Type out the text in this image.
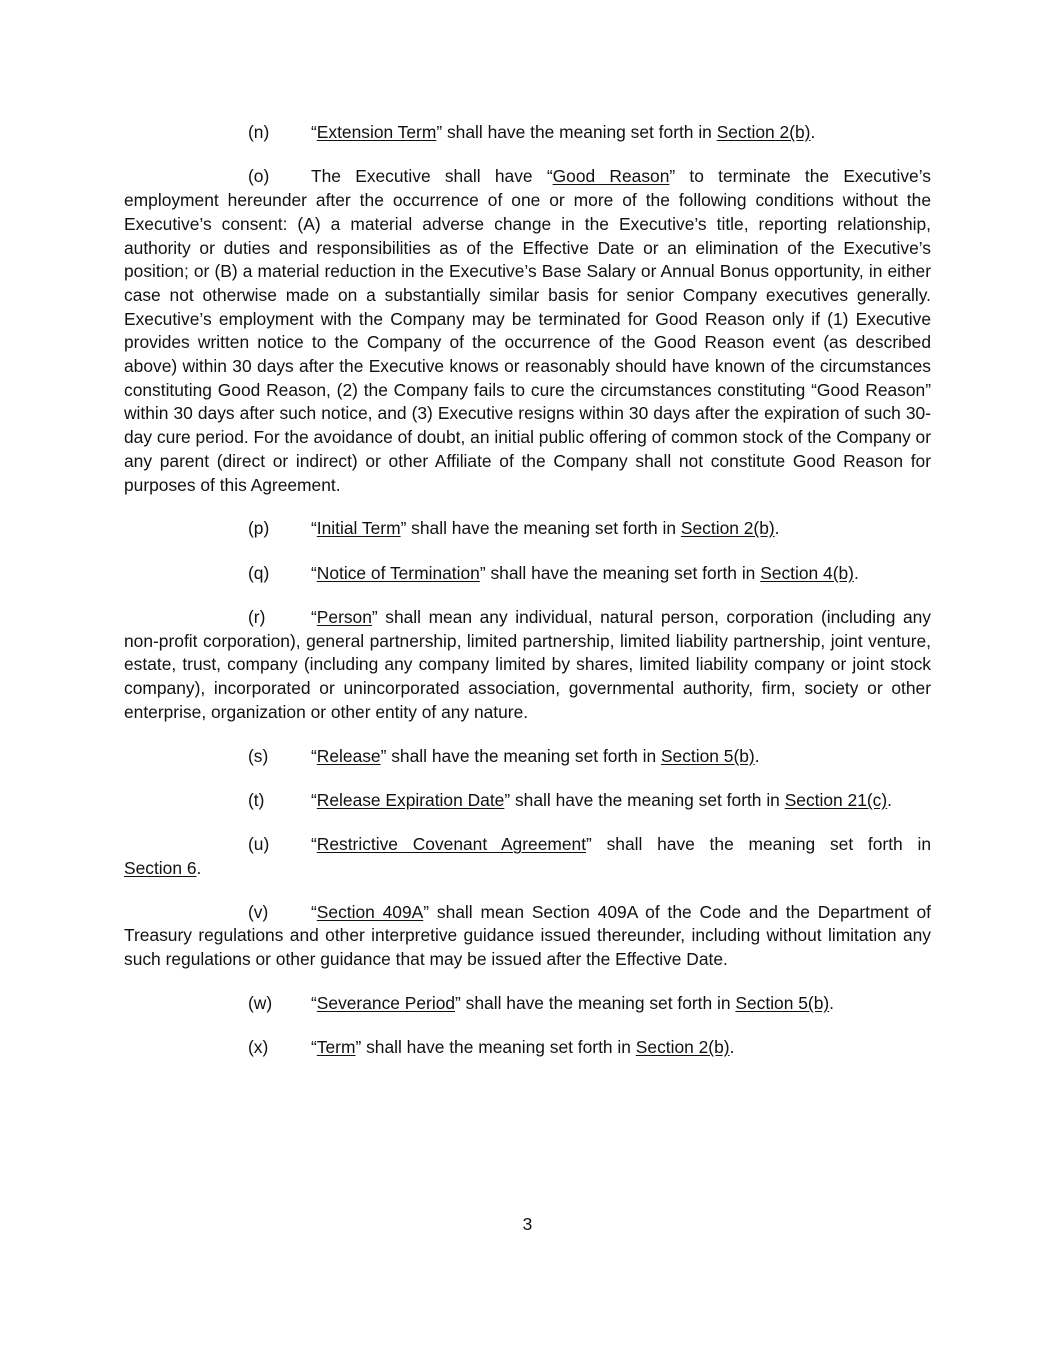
(n) “Extension Term” shall have the meaning set forth in Section 2(b).
(o) The Executive shall have “Good Reason” to terminate the Executive’s employment hereunder after the occurrence of one or more of the following conditions without the Executive’s consent: (A) a material adverse change in the Executive’s title, reporting relationship, authority or duties and responsibilities as of the Effective Date or an elimination of the Executive’s position; or (B) a material reduction in the Executive’s Base Salary or Annual Bonus opportunity, in either case not otherwise made on a substantially similar basis for senior Company executives generally. Executive’s employment with the Company may be terminated for Good Reason only if (1) Executive provides written notice to the Company of the occurrence of the Good Reason event (as described above) within 30 days after the Executive knows or reasonably should have known of the circumstances constituting Good Reason, (2) the Company fails to cure the circumstances constituting “Good Reason” within 30 days after such notice, and (3) Executive resigns within 30 days after the expiration of such 30-day cure period. For the avoidance of doubt, an initial public offering of common stock of the Company or any parent (direct or indirect) or other Affiliate of the Company shall not constitute Good Reason for purposes of this Agreement.
(p) “Initial Term” shall have the meaning set forth in Section 2(b).
(q) “Notice of Termination” shall have the meaning set forth in Section 4(b).
(r)	“Person” shall mean any individual, natural person, corporation (including any non-profit corporation), general partnership, limited partnership, limited liability partnership, joint venture, estate, trust, company (including any company limited by shares, limited liability company or joint stock company), incorporated or unincorporated association, governmental authority, firm, society or other enterprise, organization or other entity of any nature.
(s) “Release” shall have the meaning set forth in Section 5(b).
(t)	“Release Expiration Date” shall have the meaning set forth in Section 21(c).
(u)	“Restrictive Covenant Agreement” shall have the meaning set forth in
Section 6.
(v) “Section 409A” shall mean Section 409A of the Code and the Department of Treasury regulations and other interpretive guidance issued thereunder, including without limitation any such regulations or other guidance that may be issued after the Effective Date.
(w) “Severance Period” shall have the meaning set forth in Section 5(b).
(x) “Term” shall have the meaning set forth in Section 2(b).
3
